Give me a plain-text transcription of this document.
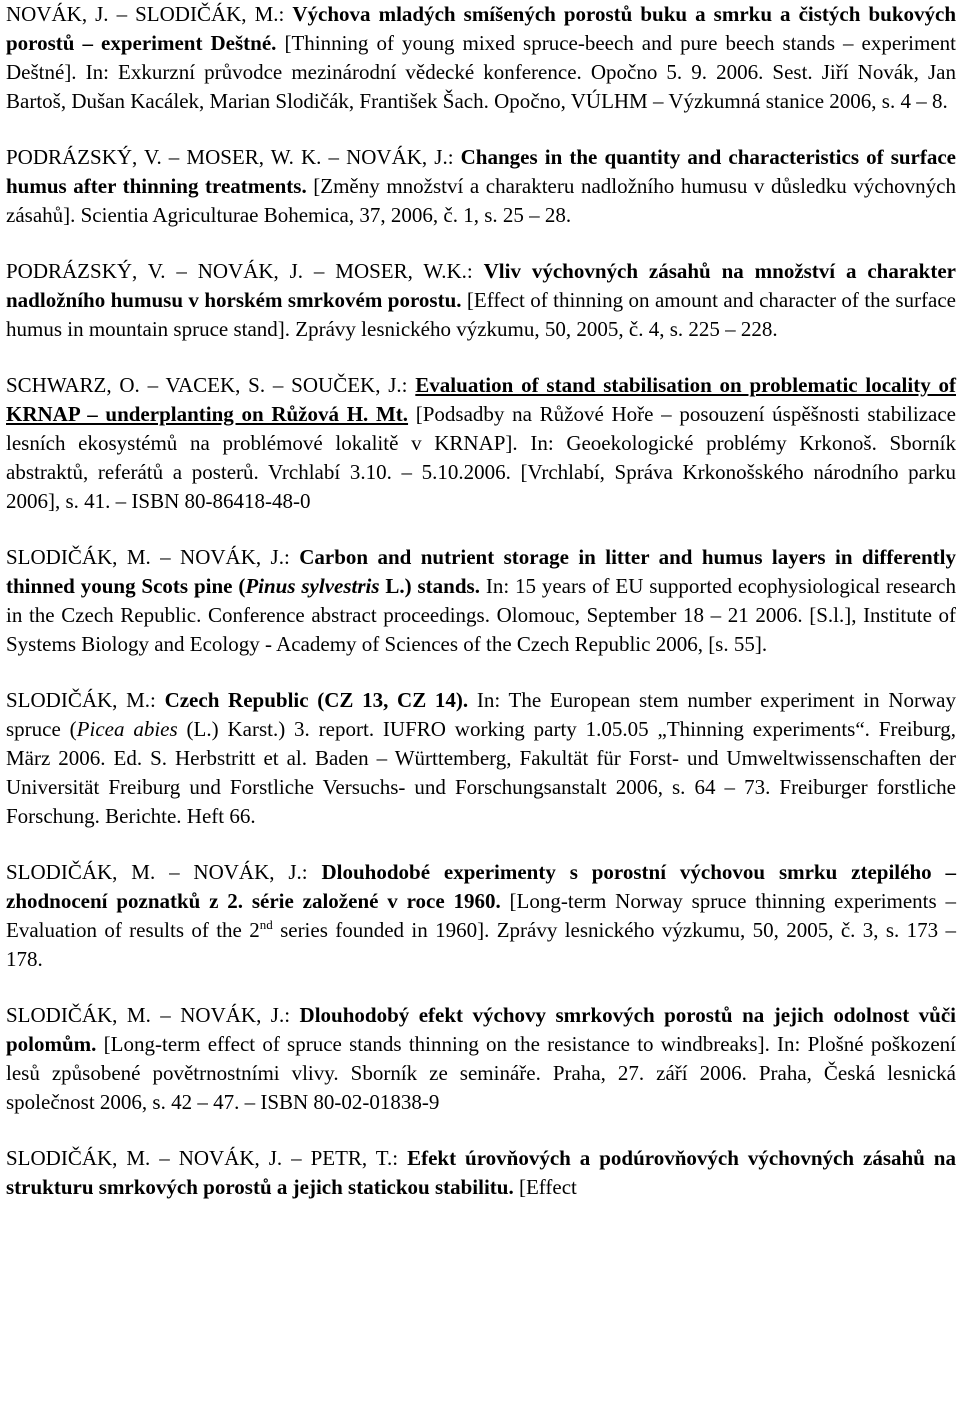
NOVÁK, J. – SLODIČÁK, M.: Výchova mladých smíšených porostů buku a smrku a čistých bukových porostů – experiment Deštné. [Thinning of young mixed spruce-beech and pure beech stands – experiment Deštné]. In: Exkurzní průvodce mezinárodní vědecké konference. Opočno 5. 9. 2006. Sest. Jiří Novák, Jan Bartoš, Dušan Kacálek, Marian Slodičák, František Šach. Opočno, VÚLHM – Výzkumná stanice 2006, s. 4 – 8.

PODRÁZSKÝ, V. – MOSER, W. K. – NOVÁK, J.: Changes in the quantity and characteristics of surface humus after thinning treatments. [Změny množství a charakteru nadložního humusu v důsledku výchovných zásahů]. Scientia Agriculturae Bohemica, 37, 2006, č. 1, s. 25 – 28.

PODRÁZSKÝ, V. – NOVÁK, J. – MOSER, W.K.: Vliv výchovných zásahů na množství a charakter nadložního humusu v horském smrkovém porostu. [Effect of thinning on amount and character of the surface humus in mountain spruce stand]. Zprávy lesnického výzkumu, 50, 2005, č. 4, s. 225 – 228.

SCHWARZ, O. – VACEK, S. – SOUČEK, J.: Evaluation of stand stabilisation on problematic locality of KRNAP – underplanting on Růžová H. Mt. [Podsadby na Růžové Hoře – posouzení úspěšnosti stabilizace lesních ekosystémů na problémové lokalitě v KRNAP]. In: Geoekologické problémy Krkonoš. Sborník abstraktů, referátů a posterů. Vrchlabí 3.10. – 5.10.2006. [Vrchlabí, Správa Krkonošského národního parku 2006], s. 41. – ISBN 80-86418-48-0

SLODIČÁK, M. – NOVÁK, J.: Carbon and nutrient storage in litter and humus layers in differently thinned young Scots pine (Pinus sylvestris L.) stands. In: 15 years of EU supported ecophysiological research in the Czech Republic. Conference abstract proceedings. Olomouc, September 18 – 21 2006. [S.l.], Institute of Systems Biology and Ecology - Academy of Sciences of the Czech Republic 2006, [s. 55].

SLODIČÁK, M.: Czech Republic (CZ 13, CZ 14). In: The European stem number experiment in Norway spruce (Picea abies (L.) Karst.) 3. report. IUFRO working party 1.05.05 „Thinning experiments“. Freiburg, März 2006. Ed. S. Herbstritt et al. Baden – Württemberg, Fakultät für Forst- und Umweltwissenschaften der Universität Freiburg und Forstliche Versuchs- und Forschungsanstalt 2006, s. 64 – 73. Freiburger forstliche Forschung. Berichte. Heft 66.

SLODIČÁK, M. – NOVÁK, J.: Dlouhodobé experimenty s porostní výchovou smrku ztepilého – zhodnocení poznatků z 2. série založené v roce 1960. [Long-term Norway spruce thinning experiments – Evaluation of results of the 2nd series founded in 1960]. Zprávy lesnického výzkumu, 50, 2005, č. 3, s. 173 – 178.

SLODIČÁK, M. – NOVÁK, J.: Dlouhodobý efekt výchovy smrkových porostů na jejich odolnost vůči polomům. [Long-term effect of spruce stands thinning on the resistance to windbreaks]. In: Plošné poškození lesů způsobené povětrnostními vlivy. Sborník ze semináře. Praha, 27. září 2006. Praha, Česká lesnická společnost 2006, s. 42 – 47. – ISBN 80-02-01838-9

SLODIČÁK, M. – NOVÁK, J. – PETR, T.: Efekt úrovňových a podúrovňových výchovných zásahů na strukturu smrkových porostů a jejich statickou stabilitu. [Effect
